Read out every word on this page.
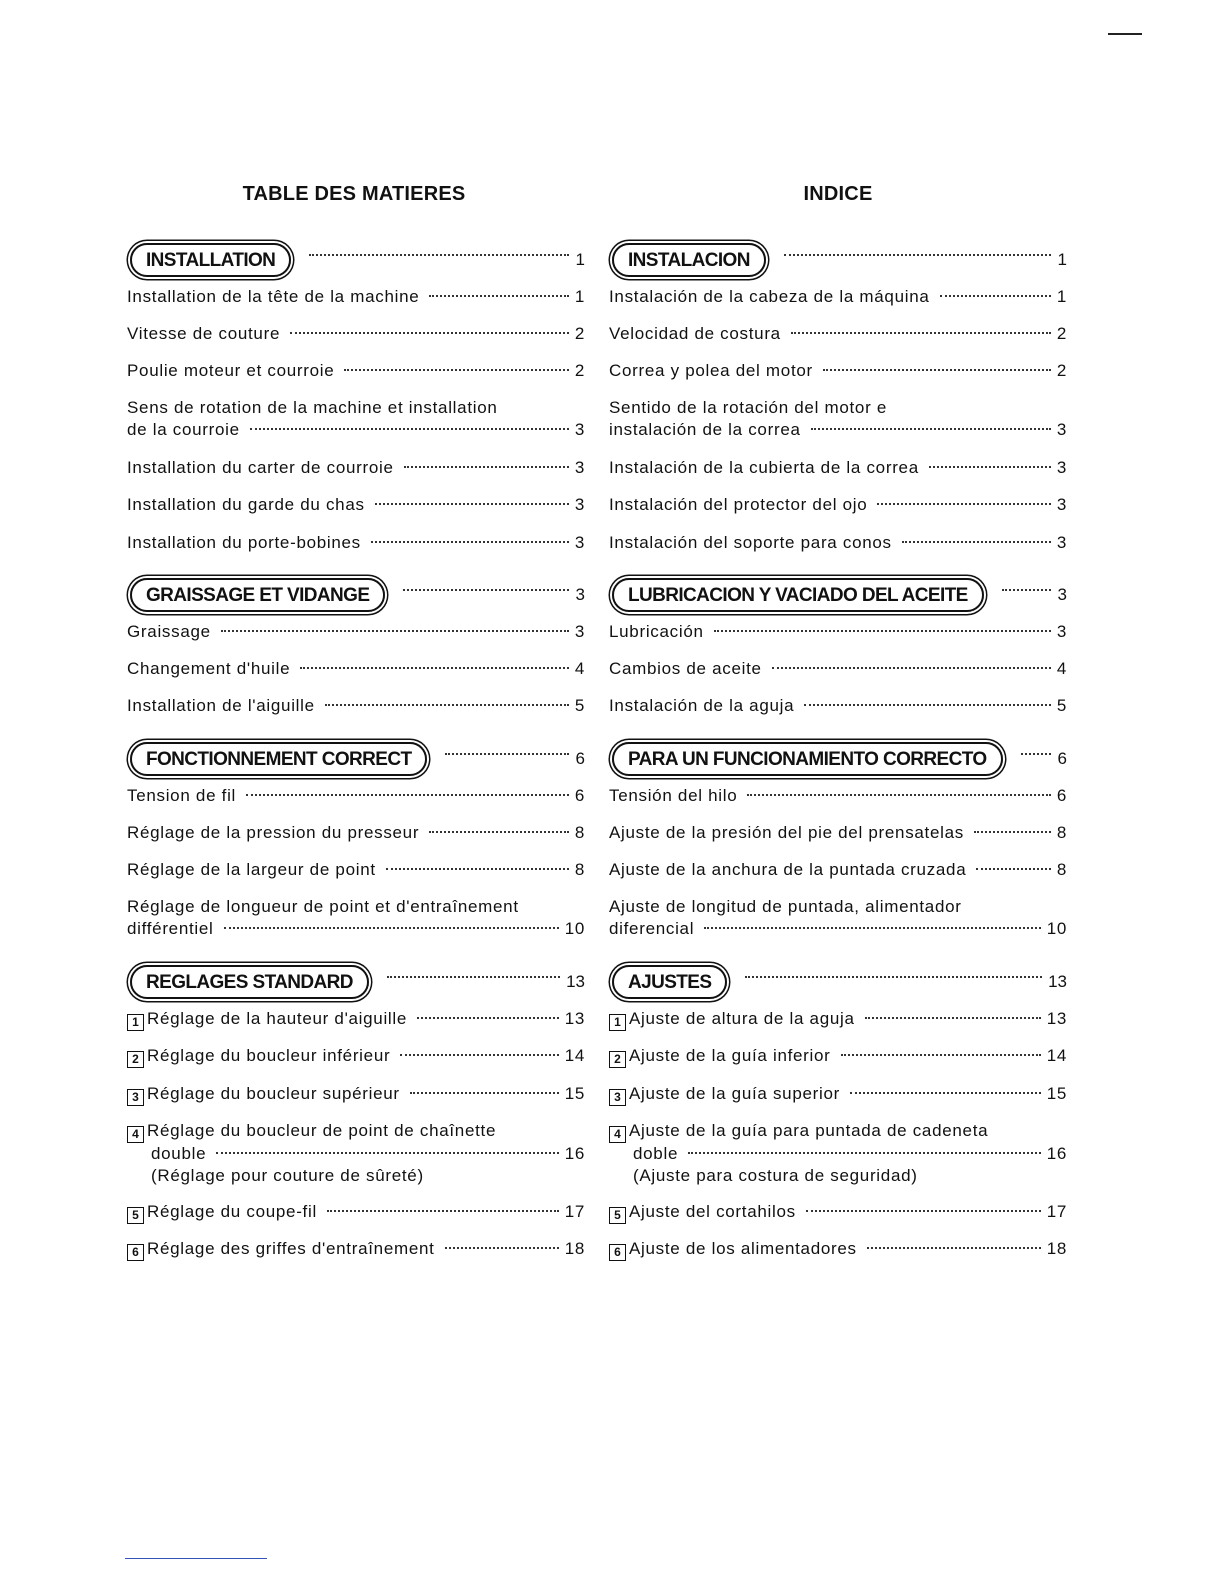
TABLE DES MATIERES
INSTALLATION	1
Installation de la tête de la machine	1
Vitesse de couture	2
Poulie moteur et courroie	2
Sens de rotation de la machine et installation
de la courroie	3
Installation du carter de courroie	3
Installation du garde du chas	3
Installation du porte-bobines	3
GRAISSAGE ET VIDANGE	3
Graissage	3
Changement d'huile	4
Installation de l'aiguille	5
FONCTIONNEMENT CORRECT	6
Tension de fil	6
Réglage de la pression du presseur	8
Réglage de la largeur de point	8
Réglage de longueur de point et d'entraînement
différentiel	10
REGLAGES STANDARD	13
1 Réglage de la hauteur d'aiguille	13
2 Réglage du boucleur inférieur	14
3 Réglage du boucleur supérieur	15
4 Réglage du boucleur de point de chaînette
double	16
(Réglage pour couture de sûreté)
5 Réglage du coupe-fil	17
6 Réglage des griffes d'entraînement	18
INDICE
INSTALACION	1
Instalación de la cabeza de la máquina	1
Velocidad de costura	2
Correa y polea del motor	2
Sentido de la rotación del motor e
instalación de la correa	3
Instalación de la cubierta de la correa	3
Instalación del protector del ojo	3
Instalación del soporte para conos	3
LUBRICACION Y VACIADO DEL ACEITE	3
Lubricación	3
Cambios de aceite	4
Instalación de la aguja	5
PARA UN FUNCIONAMIENTO CORRECTO	6
Tensión del hilo	6
Ajuste de la presión del pie del prensatelas	8
Ajuste de la anchura de la puntada cruzada	8
Ajuste de longitud de puntada, alimentador
diferencial	10
AJUSTES	13
1 Ajuste de altura de la aguja	13
2 Ajuste de la guía inferior	14
3 Ajuste de la guía superior	15
4 Ajuste de la guía para puntada de cadeneta
doble	16
(Ajuste para costura de seguridad)
5 Ajuste del cortahilos	17
6 Ajuste de los alimentadores	18
